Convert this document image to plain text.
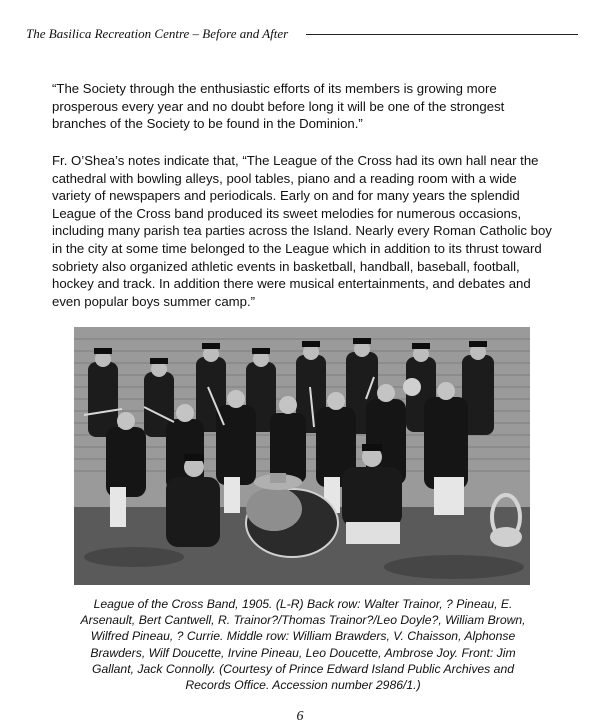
The Basilica Recreation Centre – Before and After

“The Society through the enthusiastic efforts of its members is growing more prosperous every year and no doubt before long it will be one of the strongest branches of the Society to be found in the Dominion.”

Fr. O’Shea’s notes indicate that, “The League of the Cross had its own hall near the cathedral with bowling alleys, pool tables, piano and a reading room with a wide variety of newspapers and periodicals. Early on and for many years the splendid League of the Cross band produced its sweet melodies for numerous occasions, including many parish tea parties across the Island. Nearly every Roman Catholic boy in the city at some time belonged to the League which in addition to its thrust toward sobriety also organized athletic events in basketball, handball, baseball, football, hockey and track. In addition there were musical entertainments, and debates and even popular boys summer camp.”

League of the Cross Band, 1905. (L-R) Back row: Walter Trainor, ? Pineau, E. Arsenault, Bert Cantwell, R. Trainor?/Thomas Trainor?/Leo Doyle?, William Brown, Wilfred Pineau, ? Currie. Middle row: William Brawders, V. Chaisson, Alphonse Brawders, Wilf Doucette, Irvine Pineau, Leo Doucette, Ambrose Joy. Front: Jim Gallant, Jack Connolly. (Courtesy of Prince Edward Island Public Archives and Records Office. Accession number 2986/1.)

6
